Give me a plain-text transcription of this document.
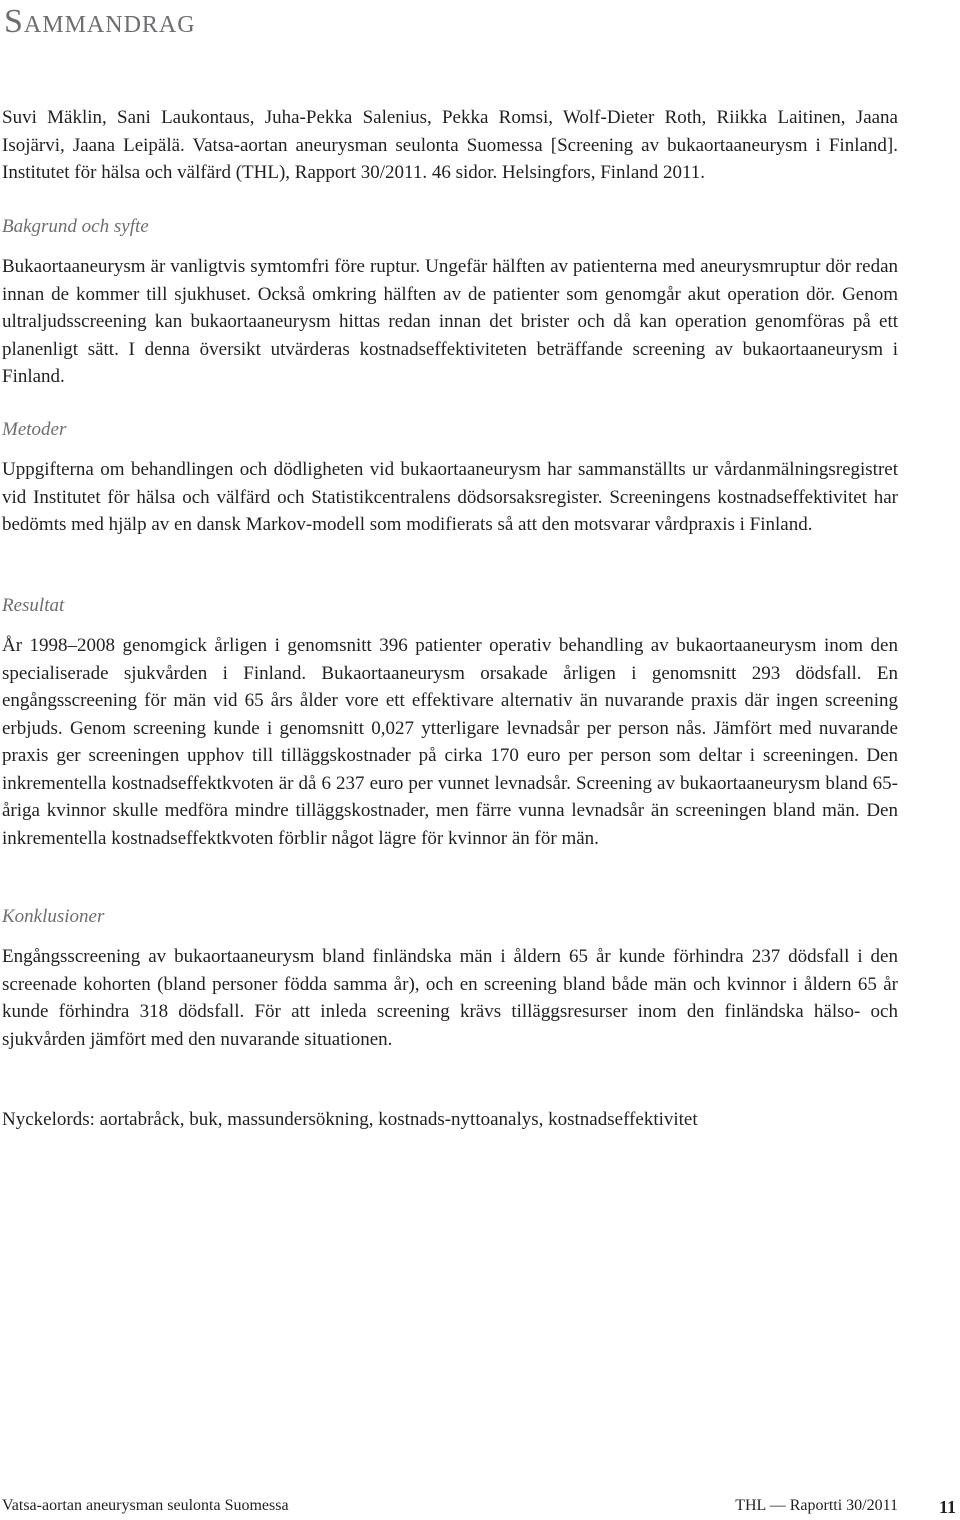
Sammandrag

Suvi Mäklin, Sani Laukontaus, Juha-Pekka Salenius, Pekka Romsi, Wolf-Dieter Roth, Riikka Laitinen, Jaana Isojärvi, Jaana Leipälä. Vatsa-aortan aneurysman seulonta Suomessa [Screening av bukaortaaneurysm i Finland]. Institutet för hälsa och välfärd (THL), Rapport 30/2011. 46 sidor. Helsingfors, Finland 2011.

Bakgrund och syfte

Bukaortaaneurysm är vanligtvis symtomfri före ruptur. Ungefär hälften av patienterna med aneurysmruptur dör redan innan de kommer till sjukhuset. Också omkring hälften av de patienter som genomgår akut operation dör. Genom ultraljudsscreening kan bukaortaaneurysm hittas redan innan det brister och då kan operation genomföras på ett planenligt sätt. I denna översikt utvärderas kostnadseffektiviteten beträffande screening av bukaortaaneurysm i Finland.

Metoder

Uppgifterna om behandlingen och dödligheten vid bukaortaaneurysm har sammanställts ur vårdanmälningsregistret vid Institutet för hälsa och välfärd och Statistikcentralens dödsorsaksregister. Screeningens kostnadseffektivitet har bedömts med hjälp av en dansk Markov-modell som modifierats så att den motsvarar vårdpraxis i Finland.

Resultat

År 1998–2008 genomgick årligen i genomsnitt 396 patienter operativ behandling av bukaortaaneurysm inom den specialiserade sjukvården i Finland. Bukaortaaneurysm orsakade årligen i genomsnitt 293 dödsfall. En engångsscreening för män vid 65 års ålder vore ett effektivare alternativ än nuvarande praxis där ingen screening erbjuds. Genom screening kunde i genomsnitt 0,027 ytterligare levnadsår per person nås. Jämfört med nuvarande praxis ger screeningen upphov till tilläggskostnader på cirka 170 euro per person som deltar i screeningen. Den inkrementella kostnadseffektkvoten är då 6 237 euro per vunnet levnadsår. Screening av bukaortaaneurysm bland 65-åriga kvinnor skulle medföra mindre tilläggskostnader, men färre vunna levnadsår än screeningen bland män. Den inkrementella kostnadseffektkvoten förblir något lägre för kvinnor än för män.

Konklusioner

Engångsscreening av bukaortaaneurysm bland finländska män i åldern 65 år kunde förhindra 237 dödsfall i den screenade kohorten (bland personer födda samma år), och en screening bland både män och kvinnor i åldern 65 år kunde förhindra 318 dödsfall. För att inleda screening krävs tilläggsresurser inom den finländska hälso- och sjukvården jämfört med den nuvarande situationen.

Nyckelords: aortabråck, buk, massundersökning, kostnads-nyttoanalys, kostnadseffektivitet

Vatsa-aortan aneurysman seulonta Suomessa	THL — Raportti 30/2011 11
